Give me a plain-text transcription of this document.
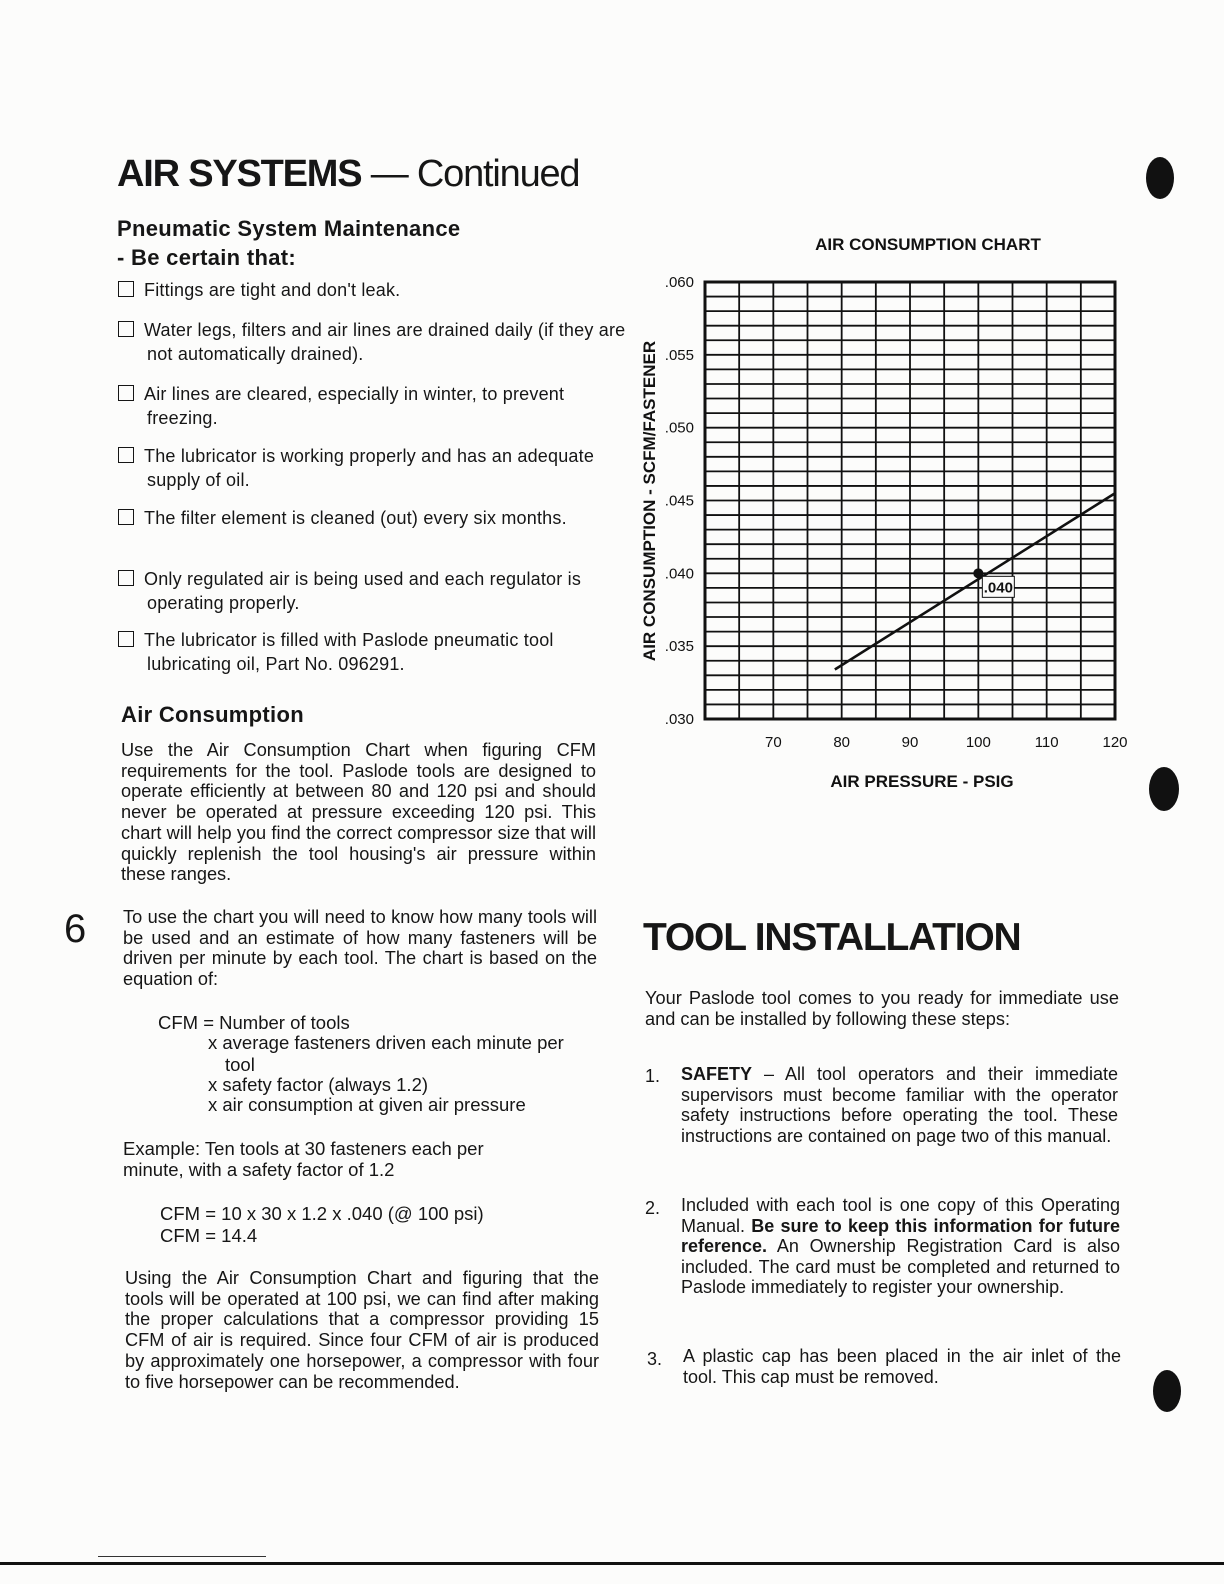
AIR SYSTEMS — Continued
Pneumatic System Maintenance
- Be certain that:
Fittings are tight and don't leak.
Water legs, filters and air lines are drained daily (if they are not automatically drained).
Air lines are cleared, especially in winter, to prevent freezing.
The lubricator is working properly and has an adequate supply of oil.
The filter element is cleaned (out) every six months.
Only regulated air is being used and each regulator is operating properly.
The lubricator is filled with Paslode pneumatic tool lubricating oil, Part No. 096291.
Air Consumption
Use the Air Consumption Chart when figuring CFM requirements for the tool. Paslode tools are designed to operate efficiently at between 80 and 120 psi and should never be operated at pressure exceeding 120 psi. This chart will help you find the correct compressor size that will quickly replenish the tool housing's air pressure within these ranges.
6 To use the chart you will need to know how many tools will be used and an estimate of how many fasteners will be driven per minute by each tool. The chart is based on the equation of:
CFM = Number of tools
x average fasteners driven each minute per
tool
x safety factor (always 1.2)
x air consumption at given air pressure
Example: Ten tools at 30 fasteners each per
minute, with a safety factor of 1.2
CFM = 10 x 30 x 1.2 x .040 (@ 100 psi)
CFM = 14.4
Using the Air Consumption Chart and figuring that the tools will be operated at 100 psi, we can find after making the proper calculations that a compressor providing 15 CFM of air is required. Since four CFM of air is produced by approximately one horsepower, a compressor with four to five horsepower can be recommended.
AIR CONSUMPTION CHART
.060
.055
.050
.045
.040
.035
.030
70	80	90	100	110	120
AIR PRESSURE - PSIG
AIR CONSUMPTION - SCFM/FASTENER	.040
TOOL INSTALLATION
Your Paslode tool comes to you ready for immediate use and can be installed by following these steps:
1. SAFETY – All tool operators and their immediate supervisors must become familiar with the operator safety instructions before operating the tool. These instructions are contained on page two of this manual.
2. Included with each tool is one copy of this Operating Manual. Be sure to keep this information for future reference. An Ownership Registration Card is also included. The card must be completed and returned to Paslode immediately to register your ownership.
3. A plastic cap has been placed in the air inlet of the tool. This cap must be removed.
